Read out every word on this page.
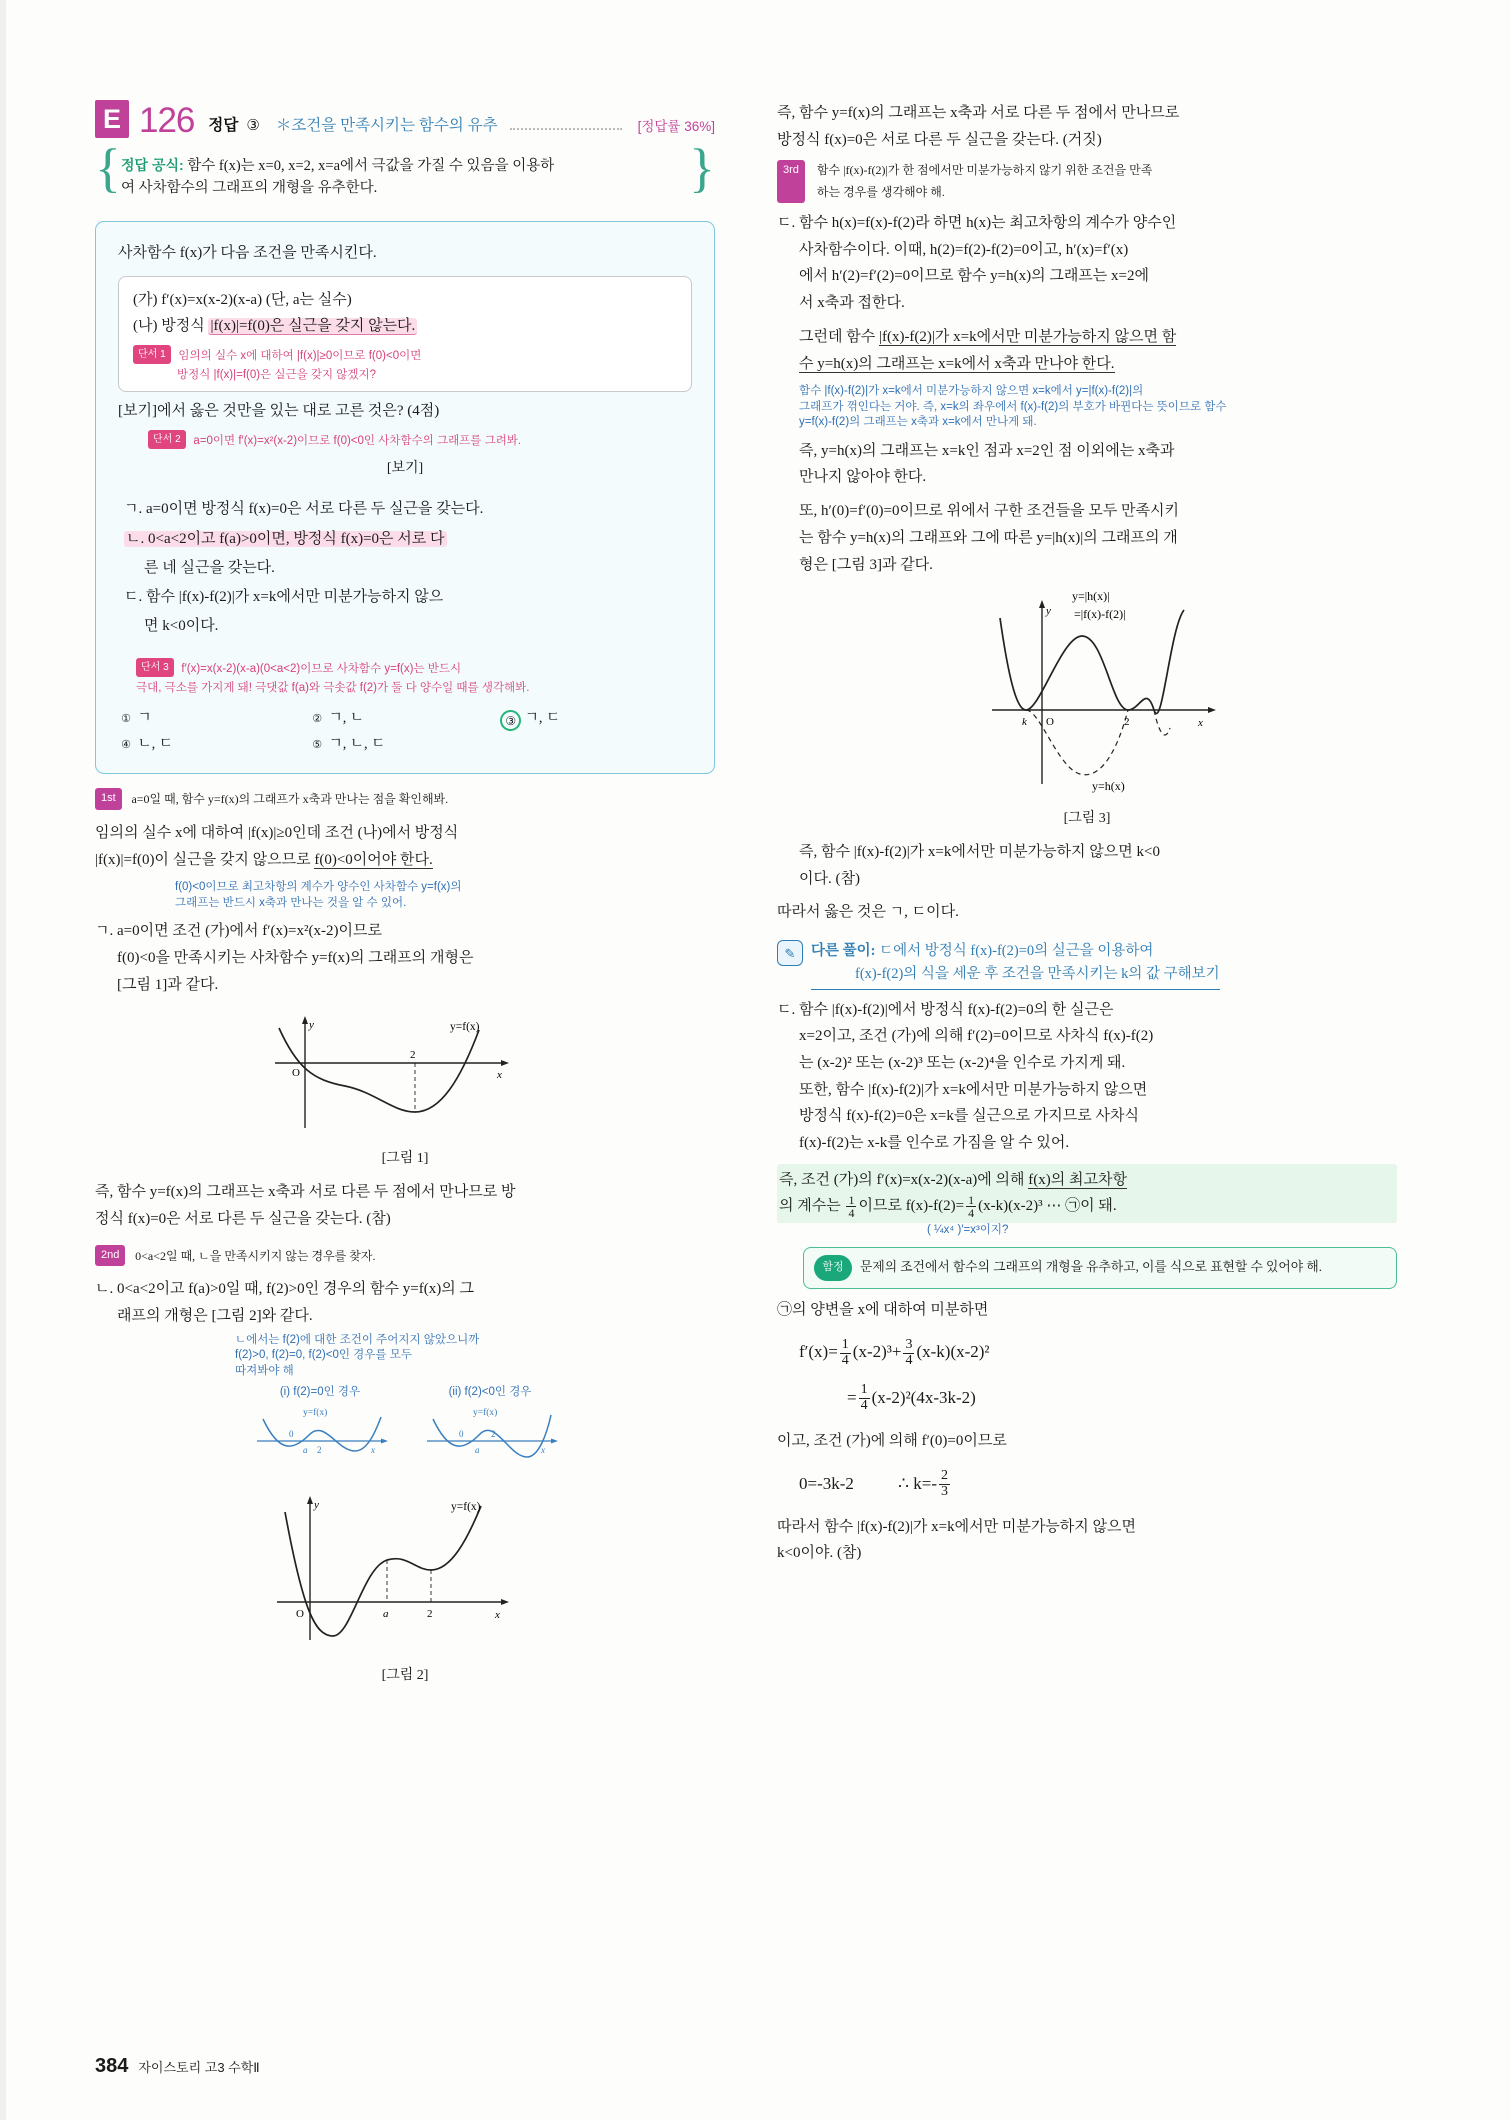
E 126 정답 ③ ＊조건을 만족시키는 함수의 유추	[정답률 36%]
{	}
정답 공식: 함수 f(x)는 x=0, x=2, x=a에서 극값을 가질 수 있음을 이용하
여 사차함수의 그래프의 개형을 유추한다.
사차함수 f(x)가 다음 조건을 만족시킨다.
(가) f′(x)=x(x-2)(x-a) (단, a는 실수)
(나) 방정식 |f(x)|=f(0)은 실근을 갖지 않는다.
단서 1 임의의 실수 x에 대하여 |f(x)|≥0이므로 f(0)<0이면
방정식 |f(x)|=f(0)은 실근을 갖지 않겠지?
[보기]에서 옳은 것만을 있는 대로 고른 것은? (4점)
단서 2 a=0이면 f′(x)=x²(x-2)이므로 f(0)<0인 사차함수의 그래프를 그려봐.
[보기]
ㄱ. a=0이면 방정식 f(x)=0은 서로 다른 두 실근을 갖는다.
ㄴ. 0<a<2이고 f(a)>0이면, 방정식 f(x)=0은 서로 다
른 네 실근을 갖는다.
ㄷ. 함수 |f(x)-f(2)|가 x=k에서만 미분가능하지 않으
면 k<0이다.
단서 3 f′(x)=x(x-2)(x-a)(0<a<2)이므로 사차함수 y=f(x)는 반드시
극대, 극소를 가지게 돼! 극댓값 f(a)와 극솟값 f(2)가 둘 다 양수일 때를 생각해봐.
① ㄱ	② ㄱ, ㄴ	③ ㄱ, ㄷ
④ ㄴ, ㄷ	⑤ ㄱ, ㄴ, ㄷ
1st a=0일 때, 함수 y=f(x)의 그래프가 x축과 만나는 점을 확인해봐.

임의의 실수 x에 대하여 |f(x)|≥0인데 조건 (나)에서 방정식
|f(x)|=f(0)이 실근을 갖지 않으므로 f(0)<0이어야 한다.

f(0)<0이므로 최고차항의 계수가 양수인 사차함수 y=f(x)의
그래프는 반드시 x축과 만나는 것을 알 수 있어.

ㄱ. a=0이면 조건 (가)에서 f′(x)=x²(x-2)이므로
f(0)<0을 만족시키는 사차함수 y=f(x)의 그래프의 개형은
[그림 1]과 같다.

O
2
y
x
y=f(x)
[그림 1]

즉, 함수 y=f(x)의 그래프는 x축과 서로 다른 두 점에서 만나므로 방
정식 f(x)=0은 서로 다른 두 실근을 갖는다. (참)

2nd 0<a<2일 때, ㄴ을 만족시키지 않는 경우를 찾자.

ㄴ. 0<a<2이고 f(a)>0일 때, f(2)>0인 경우의 함수 y=f(x)의 그
래프의 개형은 [그림 2]와 같다.

ㄴ에서는 f(2)에 대한 조건이 주어지지 않았으니까
f(2)>0, f(2)=0, f(2)<0인 경우를 모두
따져봐야 해
(i) f(2)=0인 경우
y=f(x)
0
a 2	x
(ii) f(2)<0인 경우
y=f(x)
0	2
a	x
O	a	2
y
x
y=f(x)
[그림 2]

즉, 함수 y=f(x)의 그래프는 x축과 서로 다른 두 점에서 만나므로
방정식 f(x)=0은 서로 다른 두 실근을 갖는다. (거짓)

3rd	함수 |f(x)-f(2)|가 한 점에서만 미분가능하지 않기 위한 조건을 만족
하는 경우를 생각해야 해.

ㄷ. 함수 h(x)=f(x)-f(2)라 하면 h(x)는 최고차항의 계수가 양수인
사차함수이다. 이때, h(2)=f(2)-f(2)=0이고, h′(x)=f′(x)
에서 h′(2)=f′(2)=0이므로 함수 y=h(x)의 그래프는 x=2에
서 x축과 접한다.

그런데 함수 |f(x)-f(2)|가 x=k에서만 미분가능하지 않으면 함
수 y=h(x)의 그래프는 x=k에서 x축과 만나야 한다.

함수 |f(x)-f(2)|가 x=k에서 미분가능하지 않으면 x=k에서 y=|f(x)-f(2)|의
그래프가 꺾인다는 거야. 즉, x=k의 좌우에서 f(x)-f(2)의 부호가 바뀐다는 뜻이므로 함수
y=f(x)-f(2)의 그래프는 x축과 x=k에서 만나게 돼.

즉, y=h(x)의 그래프는 x=k인 점과 x=2인 점 이외에는 x축과
만나지 않아야 한다.

또, h′(0)=f′(0)=0이므로 위에서 구한 조건들을 모두 만족시키
는 함수 y=h(x)의 그래프와 그에 따른 y=|h(x)|의 그래프의 개
형은 [그림 3]과 같다.

k O	2
y
x
y=|h(x)|
=|f(x)-f(2)|
y=h(x)
[그림 3]

즉, 함수 |f(x)-f(2)|가 x=k에서만 미분가능하지 않으면 k<0
이다. (참)

따라서 옳은 것은 ㄱ, ㄷ이다.

✎	다른 풀이: ㄷ에서 방정식 f(x)-f(2)=0의 실근을 이용하여
f(x)-f(2)의 식을 세운 후 조건을 만족시키는 k의 값 구해보기

ㄷ. 함수 |f(x)-f(2)|에서 방정식 f(x)-f(2)=0의 한 실근은
x=2이고, 조건 (가)에 의해 f′(2)=0이므로 사차식 f(x)-f(2)
는 (x-2)² 또는 (x-2)³ 또는 (x-2)⁴을 인수로 가지게 돼.
또한, 함수 |f(x)-f(2)|가 x=k에서만 미분가능하지 않으면
방정식 f(x)-f(2)=0은 x=k를 실근으로 가지므로 사차식
f(x)-f(2)는 x-k를 인수로 가짐을 알 수 있어.

즉, 조건 (가)의 f′(x)=x(x-2)(x-a)에 의해 f(x)의 최고차항
의 계수는 $\frac{1}{4}$ 이므로 $f(x)-f(2)= \frac{1}{4} (x-k)(x-2)^3$ ⋯ ㉠이 돼.
( ¼x⁴ )′=x³이지?
함정	문제의 조건에서 함수의 그래프의 개형을 유추하고, 이를 식으로 표현할 수 있어야 해.

㉠의 양변을 x에 대하여 미분하면

$f'(x)= \frac{1}{4} (x-2)^3+ \frac{3}{4} (x-k)(x-2)^2$
= $\frac{1}{4} (x-2)^2(4x-3k-2)$

이고, 조건 (가)에 의해 f′(0)=0이므로

0=-3k-2	∴ $k=- \frac{2}{3}$

따라서 함수 |f(x)-f(2)|가 x=k에서만 미분가능하지 않으면
k<0이야. (참)

384 자이스토리 고3 수학Ⅱ
